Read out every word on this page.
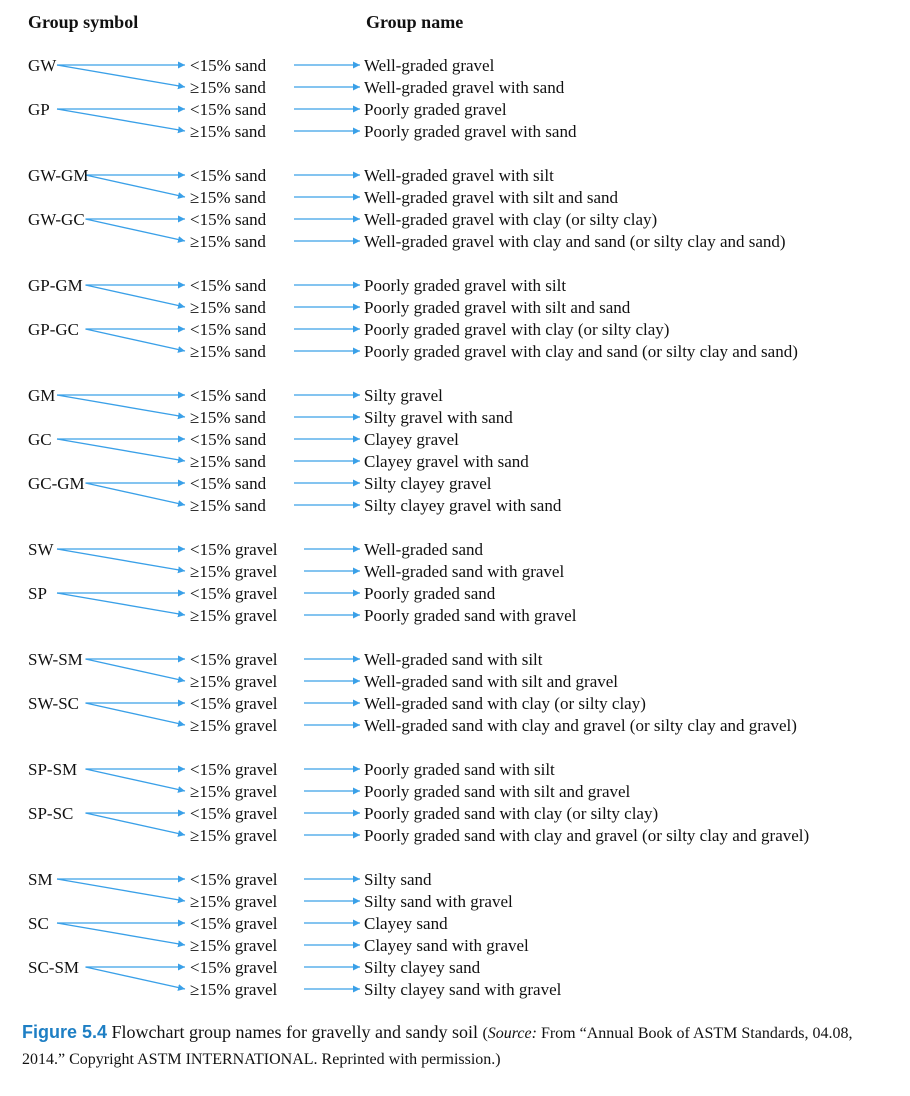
Group symbol	Group name
GW	<15% sand	Well-graded gravel
≥15% sand	Well-graded gravel with sand
GP	<15% sand	Poorly graded gravel
≥15% sand	Poorly graded gravel with sand
GW-GM	<15% sand	Well-graded gravel with silt
≥15% sand	Well-graded gravel with silt and sand
GW-GC	<15% sand	Well-graded gravel with clay (or silty clay)
≥15% sand	Well-graded gravel with clay and sand (or silty clay and sand)
GP-GM	<15% sand	Poorly graded gravel with silt
≥15% sand	Poorly graded gravel with silt and sand
GP-GC	<15% sand	Poorly graded gravel with clay (or silty clay)
≥15% sand	Poorly graded gravel with clay and sand (or silty clay and sand)
GM	<15% sand	Silty gravel
≥15% sand	Silty gravel with sand
GC	<15% sand	Clayey gravel
≥15% sand	Clayey gravel with sand
GC-GM	<15% sand	Silty clayey gravel
≥15% sand	Silty clayey gravel with sand
SW	<15% gravel	Well-graded sand
≥15% gravel	Well-graded sand with gravel
SP	<15% gravel	Poorly graded sand
≥15% gravel	Poorly graded sand with gravel
SW-SM	<15% gravel	Well-graded sand with silt
≥15% gravel	Well-graded sand with silt and gravel
SW-SC	<15% gravel	Well-graded sand with clay (or silty clay)
≥15% gravel	Well-graded sand with clay and gravel (or silty clay and gravel)
SP-SM	<15% gravel	Poorly graded sand with silt
≥15% gravel	Poorly graded sand with silt and gravel
SP-SC	<15% gravel	Poorly graded sand with clay (or silty clay)
≥15% gravel	Poorly graded sand with clay and gravel (or silty clay and gravel)
SM	<15% gravel	Silty sand
≥15% gravel	Silty sand with gravel
SC	<15% gravel	Clayey sand
≥15% gravel	Clayey sand with gravel
SC-SM	<15% gravel	Silty clayey sand
≥15% gravel	Silty clayey sand with gravel
Figure 5.4 Flowchart group names for gravelly and sandy soil (Source: From “Annual Book of ASTM Standards, 04.08, 2014.” Copyright ASTM INTERNATIONAL. Reprinted with permission.)
